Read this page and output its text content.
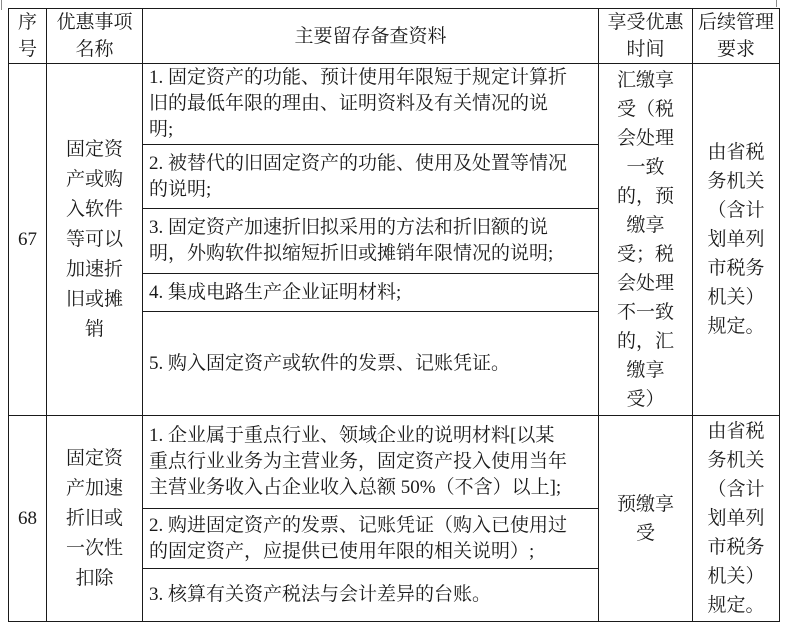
序号	优惠事项名称	主要留存备查资料	享受优惠时间	后续管理要求
67	固定资产或购入软件等可以加速折旧或摊销	1. 固定资产的功能、预计使用年限短于规定计算折旧的最低年限的理由、证明资料及有关情况的说明;	汇缴享受（税会处理一致的，预缴享受；税会处理不一致的，汇缴享受）	由省税务机关（含计划单列市税务机关）规定。
		2. 被替代的旧固定资产的功能、使用及处置等情况的说明;		
		3. 固定资产加速折旧拟采用的方法和折旧额的说明，外购软件拟缩短折旧或摊销年限情况的说明;		
		4. 集成电路生产企业证明材料;		
		5. 购入固定资产或软件的发票、记账凭证。		
68	固定资产加速折旧或一次性扣除	1. 企业属于重点行业、领域企业的说明材料[以某重点行业业务为主营业务，固定资产投入使用当年主营业务收入占企业收入总额 50%（不含）以上];	预缴享受	由省税务机关（含计划单列市税务机关）规定。
		2. 购进固定资产的发票、记账凭证（购入已使用过的固定资产，应提供已使用年限的相关说明）;		
		3. 核算有关资产税法与会计差异的台账。		
